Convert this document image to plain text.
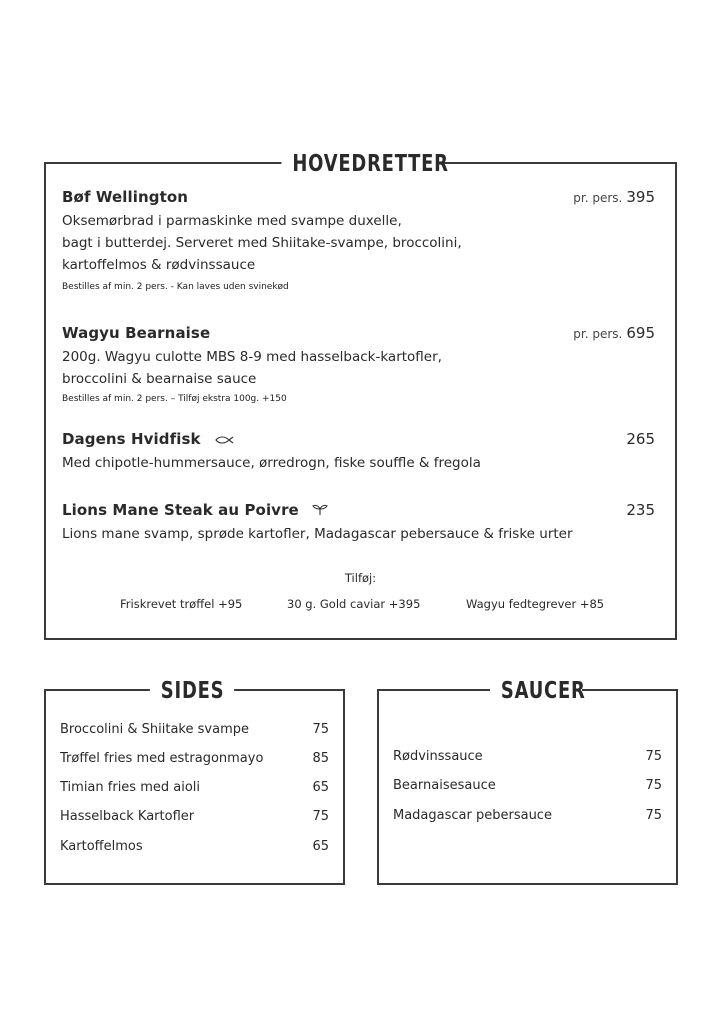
HOVEDRETTER
Bøf Wellington	pr. pers. 395
Oksemørbrad i parmaskinke med svampe duxelle,
bagt i butterdej. Serveret med Shiitake-svampe, broccolini,
kartoffelmos & rødvinssauce
Bestilles af min. 2 pers. - Kan laves uden svinekød
Wagyu Bearnaise	pr. pers. 695
200g. Wagyu culotte MBS 8-9 med hasselback-kartofler,
broccolini & bearnaise sauce
Bestilles af min. 2 pers. – Tilføj ekstra 100g. +150
Dagens Hvidfisk	265
Med chipotle-hummersauce, ørredrogn, fiske souffle & fregola
Lions Mane Steak au Poivre	235
Lions mane svamp, sprøde kartofler, Madagascar pebersauce & friske urter
Tilføj:
Friskrevet trøffel +95	30 g. Gold caviar +395	Wagyu fedtegrever +85
SIDES
Broccolini & Shiitake svampe	75
Trøffel fries med estragonmayo	85
Timian fries med aioli	65
Hasselback Kartofler	75
Kartoffelmos	65
SAUCER
Rødvinssauce	75
Bearnaisesauce	75
Madagascar pebersauce	75
